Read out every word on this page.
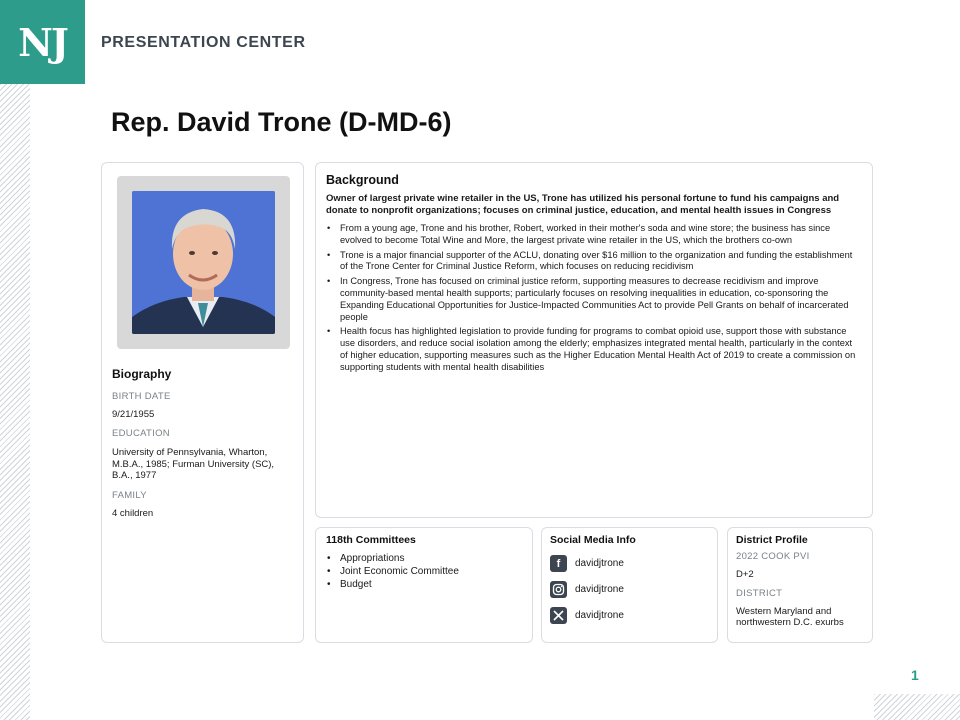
NJ PRESENTATION CENTER
Rep. David Trone (D-MD-6)
Biography
BIRTH DATE
9/21/1955
EDUCATION
University of Pennsylvania, Wharton, M.B.A., 1985; Furman University (SC), B.A., 1977
FAMILY
4 children
Background
Owner of largest private wine retailer in the US, Trone has utilized his personal fortune to fund his campaigns and donate to nonprofit organizations; focuses on criminal justice, education, and mental health issues in Congress
• From a young age, Trone and his brother, Robert, worked in their mother's soda and wine store; the business has since evolved to become Total Wine and More, the largest private wine retailer in the US, which the brothers co-own
• Trone is a major financial supporter of the ACLU, donating over $16 million to the organization and funding the establishment of the Trone Center for Criminal Justice Reform, which focuses on reducing recidivism
• In Congress, Trone has focused on criminal justice reform, supporting measures to decrease recidivism and improve community-based mental health supports; particularly focuses on resolving inequalities in education, co-sponsoring the Expanding Educational Opportunities for Justice-Impacted Communities Act to provide Pell Grants on behalf of incarcerated people
• Health focus has highlighted legislation to provide funding for programs to combat opioid use, support those with substance use disorders, and reduce social isolation among the elderly; emphasizes integrated mental health, particularly in the context of higher education, supporting measures such as the Higher Education Mental Health Act of 2019 to create a commission on supporting students with mental health disabilities
118th Committees
• Appropriations
• Joint Economic Committee
• Budget
Social Media Info
f	davidjtrone
davidjtrone
davidjtrone
District Profile
2022 COOK PVI
D+2
DISTRICT
Western Maryland and northwestern D.C. exurbs
1
